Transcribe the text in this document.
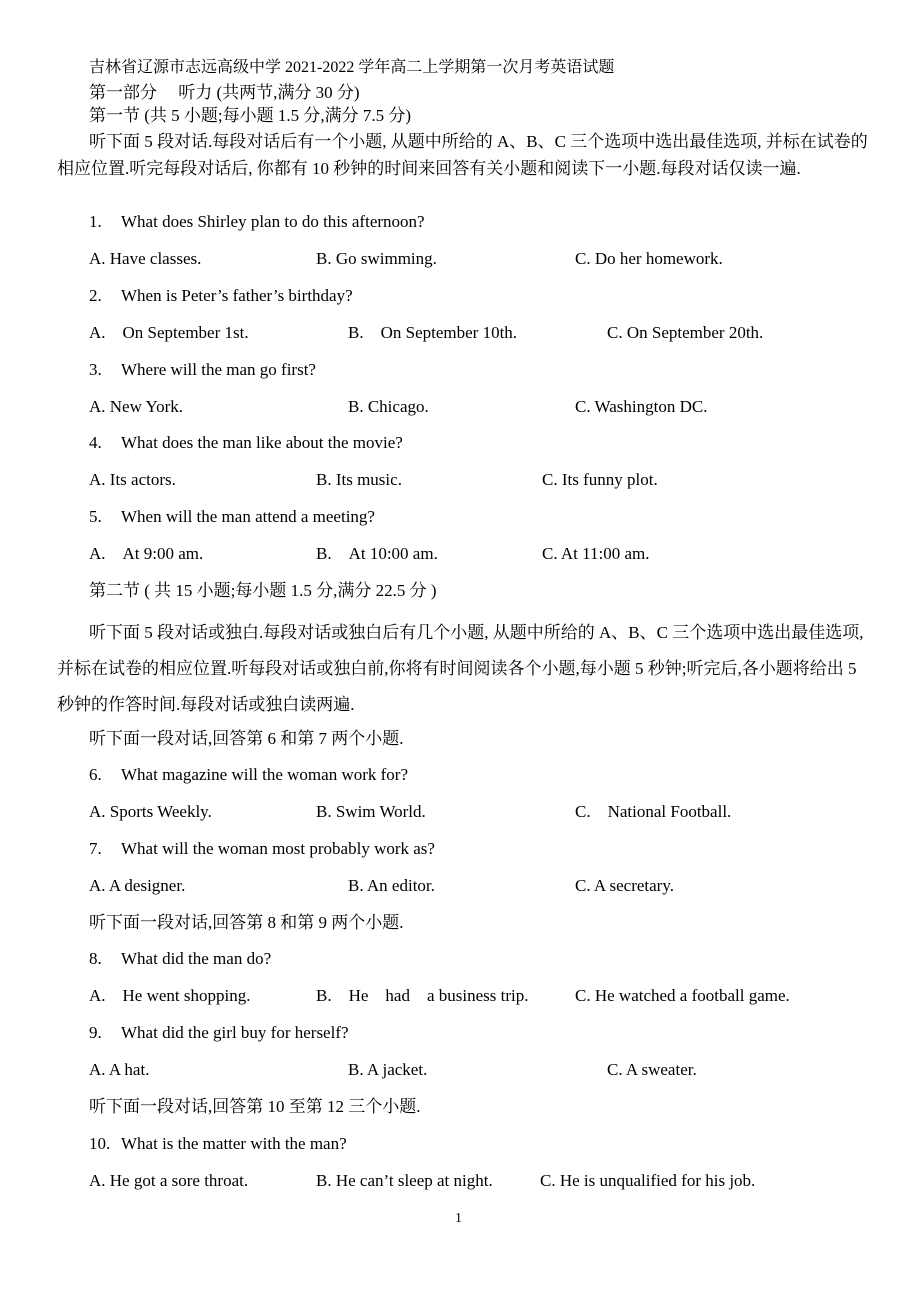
吉林省辽源市志远高级中学 2021-2022 学年高二上学期第一次月考英语试题
第一部分　 听力 (共两节,满分 30 分)
第一节 (共 5 小题;每小题 1.5 分,满分 7.5 分)
听下面 5 段对话.每段对话后有一个小题, 从题中所给的 A、B、C 三个选项中选出最佳选项, 并标在试卷的相应位置.听完每段对话后, 你都有 10 秒钟的时间来回答有关小题和阅读下一小题.每段对话仅读一遍.
1. What does Shirley plan to do this afternoon?
A. Have classes.	B. Go swimming.	C. Do her homework.
2. When is Peter’s father’s birthday?
A.　On September 1st.	B.　On September 10th.	C. On September 20th.
3. Where will the man go first?
A. New York.	B. Chicago.	C. Washington DC.
4. What does the man like about the movie?
A. Its actors.	B. Its music.	C. Its funny plot.
5. When will the man attend a meeting?
A.　At 9:00 am.	B.　At 10:00 am.	C. At 11:00 am.
第二节 ( 共 15 小题;每小题 1.5 分,满分 22.5 分 )
听下面 5 段对话或独白.每段对话或独白后有几个小题, 从题中所给的 A、B、C 三个选项中选出最佳选项,并标在试卷的相应位置.听每段对话或独白前,你将有时间阅读各个小题,每小题 5 秒钟;听完后,各小题将给出 5 秒钟的作答时间.每段对话或独白读两遍.
听下面一段对话,回答第 6 和第 7 两个小题.
6. What magazine will the woman work for?
A. Sports Weekly.	B. Swim World.	C.　National Football.
7. What will the woman most probably work as?
A. A designer.	B. An editor.	C. A secretary.
听下面一段对话,回答第 8 和第 9 两个小题.
8. What did the man do?
A.　He went shopping.	B.　He　had　a business trip.	C. He watched a football game.
9. What did the girl buy for herself?
A. A hat.	B. A jacket.	C. A sweater.
听下面一段对话,回答第 10 至第 12 三个小题.
10. What is the matter with the man?
A. He got a sore throat.	B. He can’t sleep at night.	C. He is unqualified for his job.
1
